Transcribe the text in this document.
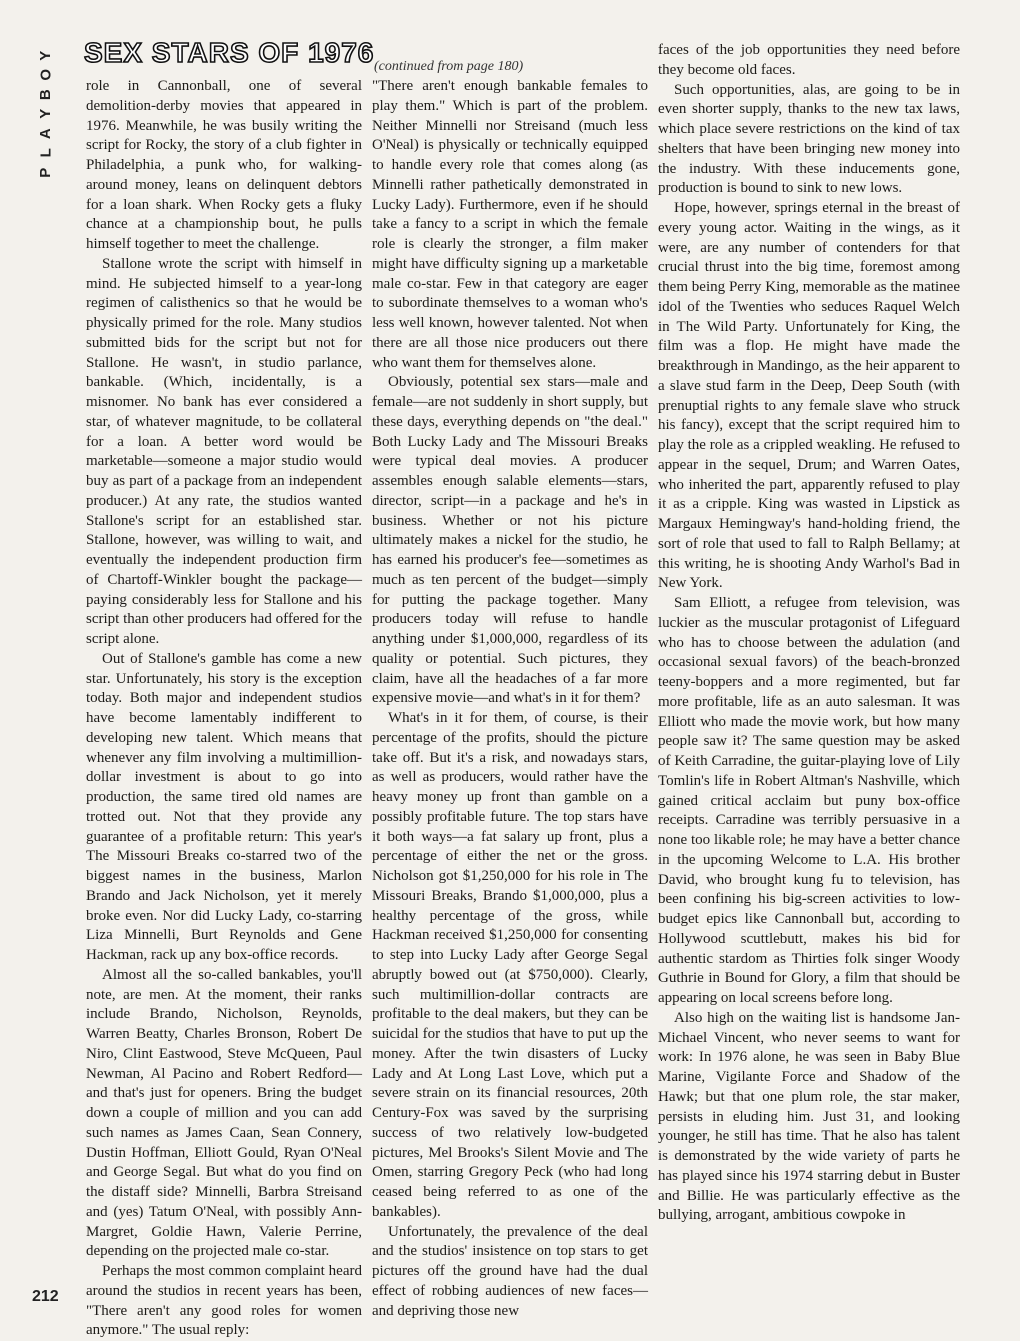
P
L
A
Y
B
O
Y SEX STARS OF 1976 (continued from page 180)

role in Cannonball, one of several demolition-derby movies that appeared in 1976. Meanwhile, he was busily writing the script for Rocky, the story of a club fighter in Philadelphia, a punk who, for walking-around money, leans on delinquent debtors for a loan shark. When Rocky gets a fluky chance at a championship bout, he pulls himself together to meet the challenge.

Stallone wrote the script with himself in mind. He subjected himself to a year-long regimen of calisthenics so that he would be physically primed for the role. Many studios submitted bids for the script but not for Stallone. He wasn't, in studio parlance, bankable. (Which, incidentally, is a misnomer. No bank has ever considered a star, of whatever magnitude, to be collateral for a loan. A better word would be marketable—someone a major studio would buy as part of a package from an independent producer.) At any rate, the studios wanted Stallone's script for an established star. Stallone, however, was willing to wait, and eventually the independent production firm of Chartoff-Winkler bought the package—paying considerably less for Stallone and his script than other producers had offered for the script alone.

Out of Stallone's gamble has come a new star. Unfortunately, his story is the exception today. Both major and independent studios have become lamentably indifferent to developing new talent. Which means that whenever any film involving a multimillion-dollar investment is about to go into production, the same tired old names are trotted out. Not that they provide any guarantee of a profitable return: This year's The Missouri Breaks co-starred two of the biggest names in the business, Marlon Brando and Jack Nicholson, yet it merely broke even. Nor did Lucky Lady, co-starring Liza Minnelli, Burt Reynolds and Gene Hackman, rack up any box-office records.

Almost all the so-called bankables, you'll note, are men. At the moment, their ranks include Brando, Nicholson, Reynolds, Warren Beatty, Charles Bronson, Robert De Niro, Clint Eastwood, Steve McQueen, Paul Newman, Al Pacino and Robert Redford—and that's just for openers. Bring the budget down a couple of million and you can add such names as James Caan, Sean Connery, Dustin Hoffman, Elliott Gould, Ryan O'Neal and George Segal. But what do you find on the distaff side? Minnelli, Barbra Streisand and (yes) Tatum O'Neal, with possibly Ann-Margret, Goldie Hawn, Valerie Perrine, depending on the projected male co-star.

Perhaps the most common complaint heard around the studios in recent years has been, "There aren't any good roles for women anymore." The usual reply:

"There aren't enough bankable females to play them." Which is part of the problem. Neither Minnelli nor Streisand (much less O'Neal) is physically or technically equipped to handle every role that comes along (as Minnelli rather pathetically demonstrated in Lucky Lady). Furthermore, even if he should take a fancy to a script in which the female role is clearly the stronger, a film maker might have difficulty signing up a marketable male co-star. Few in that category are eager to subordinate themselves to a woman who's less well known, however talented. Not when there are all those nice producers out there who want them for themselves alone.

Obviously, potential sex stars—male and female—are not suddenly in short supply, but these days, everything depends on "the deal." Both Lucky Lady and The Missouri Breaks were typical deal movies. A producer assembles enough salable elements—stars, director, script—in a package and he's in business. Whether or not his picture ultimately makes a nickel for the studio, he has earned his producer's fee—sometimes as much as ten percent of the budget—simply for putting the package together. Many producers today will refuse to handle anything under $1,000,000, regardless of its quality or potential. Such pictures, they claim, have all the headaches of a far more expensive movie—and what's in it for them?

What's in it for them, of course, is their percentage of the profits, should the picture take off. But it's a risk, and nowadays stars, as well as producers, would rather have the heavy money up front than gamble on a possibly profitable future. The top stars have it both ways—a fat salary up front, plus a percentage of either the net or the gross. Nicholson got $1,250,000 for his role in The Missouri Breaks, Brando $1,000,000, plus a healthy percentage of the gross, while Hackman received $1,250,000 for consenting to step into Lucky Lady after George Segal abruptly bowed out (at $750,000). Clearly, such multimillion-dollar contracts are profitable to the deal makers, but they can be suicidal for the studios that have to put up the money. After the twin disasters of Lucky Lady and At Long Last Love, which put a severe strain on its financial resources, 20th Century-Fox was saved by the surprising success of two relatively low-budgeted pictures, Mel Brooks's Silent Movie and The Omen, starring Gregory Peck (who had long ceased being referred to as one of the bankables).

Unfortunately, the prevalence of the deal and the studios' insistence on top stars to get pictures off the ground have had the dual effect of robbing audiences of new faces—and depriving those new

faces of the job opportunities they need before they become old faces.

Such opportunities, alas, are going to be in even shorter supply, thanks to the new tax laws, which place severe restrictions on the kind of tax shelters that have been bringing new money into the industry. With these inducements gone, production is bound to sink to new lows.

Hope, however, springs eternal in the breast of every young actor. Waiting in the wings, as it were, are any number of contenders for that crucial thrust into the big time, foremost among them being Perry King, memorable as the matinee idol of the Twenties who seduces Raquel Welch in The Wild Party. Unfortunately for King, the film was a flop. He might have made the breakthrough in Mandingo, as the heir apparent to a slave stud farm in the Deep, Deep South (with prenuptial rights to any female slave who struck his fancy), except that the script required him to play the role as a crippled weakling. He refused to appear in the sequel, Drum; and Warren Oates, who inherited the part, apparently refused to play it as a cripple. King was wasted in Lipstick as Margaux Hemingway's hand-holding friend, the sort of role that used to fall to Ralph Bellamy; at this writing, he is shooting Andy Warhol's Bad in New York.

Sam Elliott, a refugee from television, was luckier as the muscular protagonist of Lifeguard who has to choose between the adulation (and occasional sexual favors) of the beach-bronzed teeny-boppers and a more regimented, but far more profitable, life as an auto salesman. It was Elliott who made the movie work, but how many people saw it? The same question may be asked of Keith Carradine, the guitar-playing love of Lily Tomlin's life in Robert Altman's Nashville, which gained critical acclaim but puny box-office receipts. Carradine was terribly persuasive in a none too likable role; he may have a better chance in the upcoming Welcome to L.A. His brother David, who brought kung fu to television, has been confining his big-screen activities to low-budget epics like Cannonball but, according to Hollywood scuttlebutt, makes his bid for authentic stardom as Thirties folk singer Woody Guthrie in Bound for Glory, a film that should be appearing on local screens before long.

Also high on the waiting list is handsome Jan-Michael Vincent, who never seems to want for work: In 1976 alone, he was seen in Baby Blue Marine, Vigilante Force and Shadow of the Hawk; but that one plum role, the star maker, persists in eluding him. Just 31, and looking younger, he still has time. That he also has talent is demonstrated by the wide variety of parts he has played since his 1974 starring debut in Buster and Billie. He was particularly effective as the bullying, arrogant, ambitious cowpoke in

212
